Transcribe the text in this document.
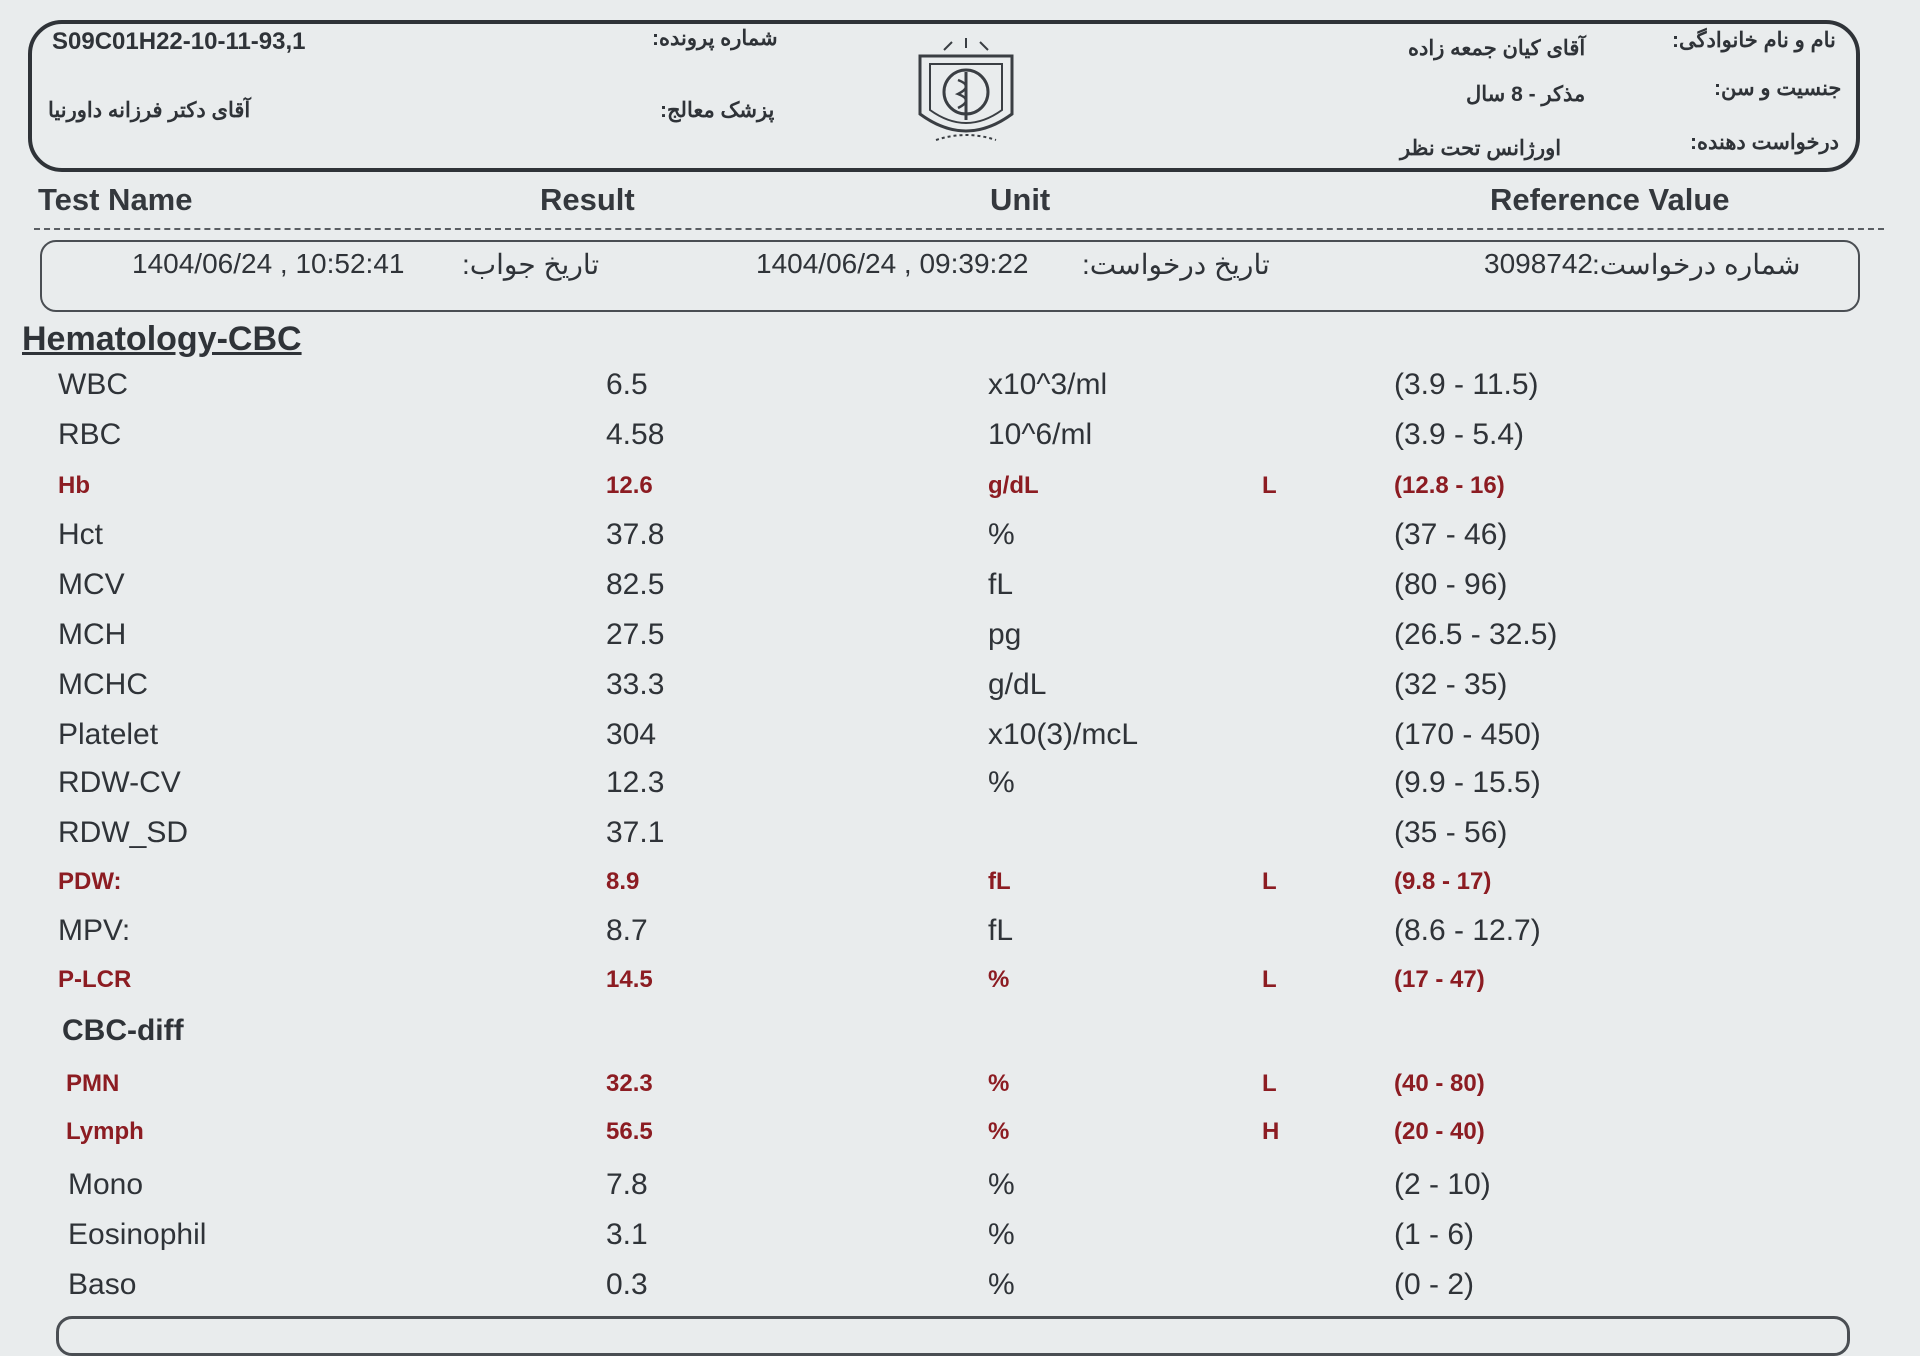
S09C01H22-10-11-93,1	شماره پرونده:
آقای دکتر فرزانه داورنیا	پزشک معالج:
آقای کیان جمعه زاده	نام و نام خانوادگی:
مذکر - 8 سال	جنسیت و سن:
اورژانس تحت نظر	درخواست دهنده:
Test Name	Result	Unit	Reference Value
1404/06/24 , 10:52:41 تاریخ جواب:	1404/06/24 , 09:39:22 تاریخ درخواست:	3098742
شماره درخواست:
Hematology-CBC
WBC	6.5	x10^3/ml	(3.9 - 11.5)
RBC	4.58	10^6/ml	(3.9 - 5.4)
Hb	12.6	g/dL	L	(12.8 - 16)
Hct	37.8	%	(37 - 46)
MCV	82.5	fL	(80 - 96)
MCH	27.5	pg	(26.5 - 32.5)
MCHC	33.3	g/dL	(32 - 35)
Platelet	304	x10(3)/mcL	(170 - 450)
RDW-CV	12.3	%	(9.9 - 15.5)
RDW_SD	37.1	(35 - 56)
PDW:	8.9	fL	L	(9.8 - 17)
MPV:	8.7	fL	(8.6 - 12.7)
P-LCR	14.5	%	L	(17 - 47)
CBC-diff
PMN	32.3	%	L	(40 - 80)
Lymph	56.5	%	H	(20 - 40)
Mono	7.8	%	(2 - 10)
Eosinophil	3.1	%	(1 - 6)
Baso	0.3	%	(0 - 2)
